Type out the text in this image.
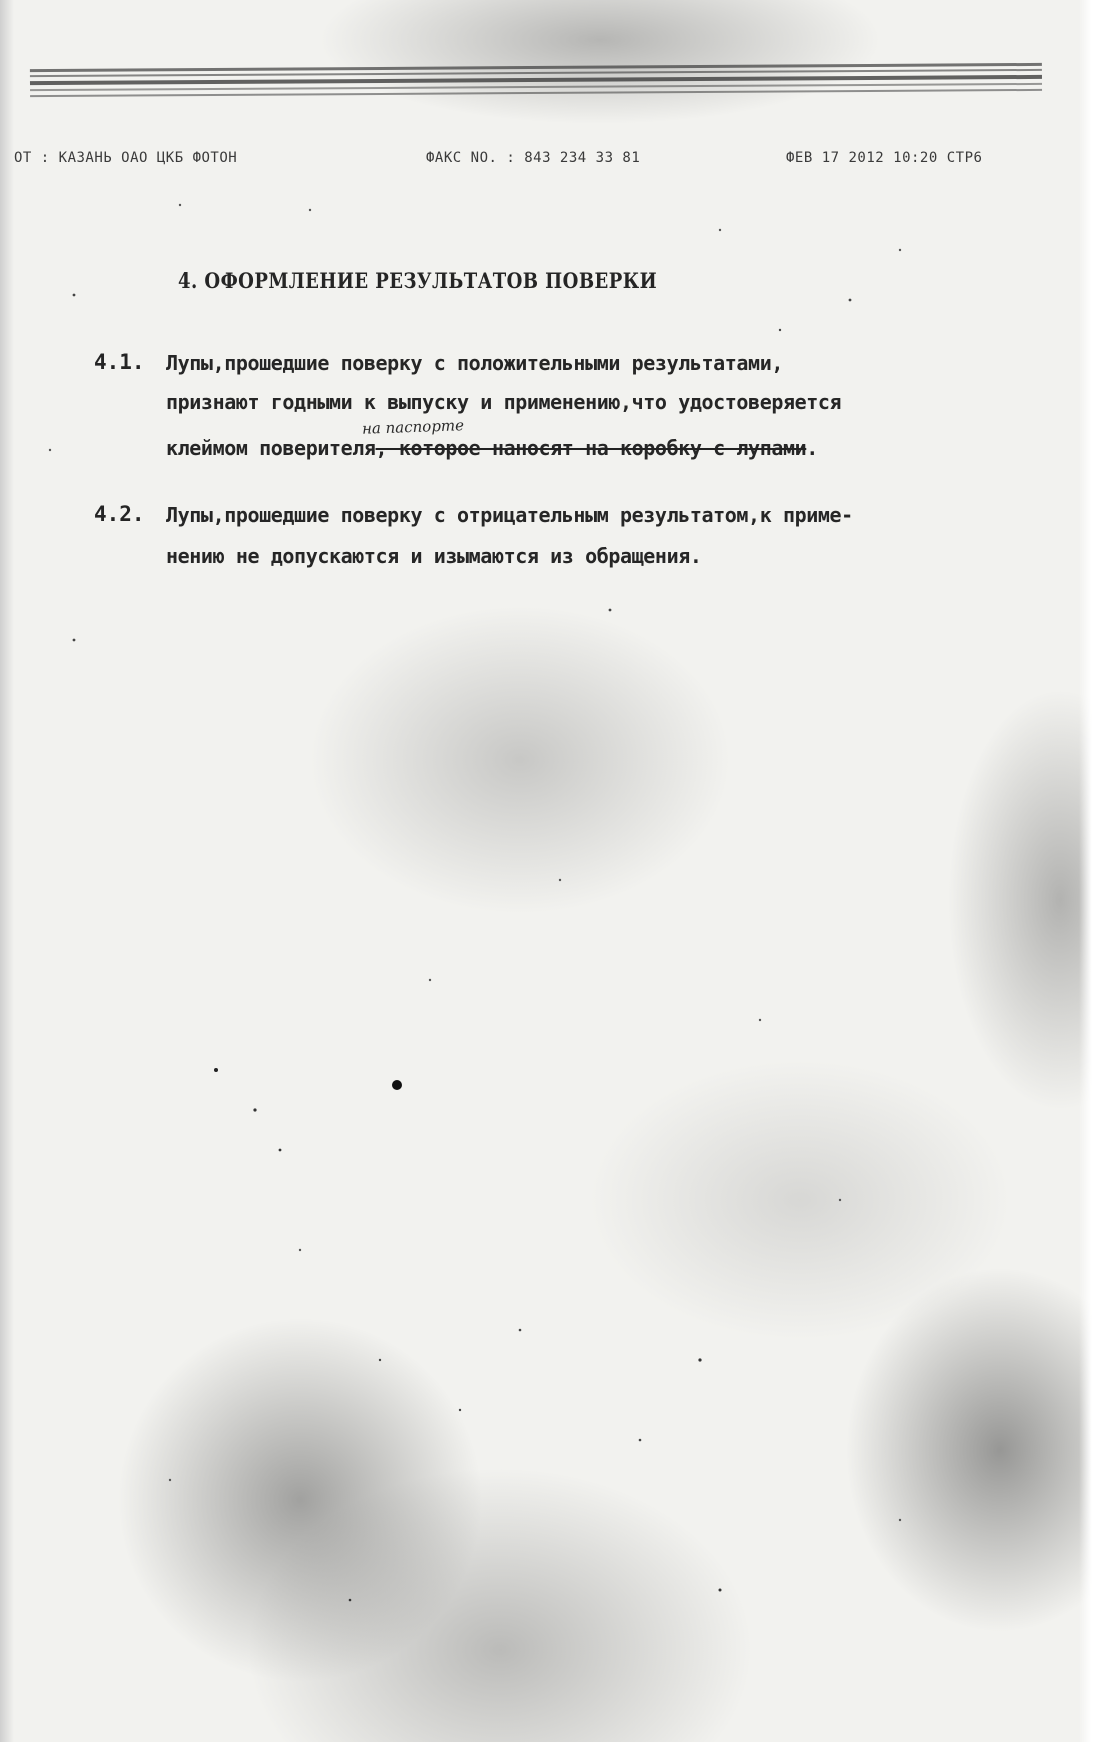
ОТ : КАЗАНЬ ОАО ЦКБ ФОТОН	ФАКС NO. : 843 234 33 81	ФЕВ 17 2012 10:20 СТР6
4. ОФОРМЛЕНИЕ РЕЗУЛЬТАТОВ ПОВЕРКИ
4.1. Лупы,прошедшие поверку с положительными результатами,
признают годными к выпуску и применению,что удостоверяется
на паспорте
клеймом поверителя, которое наносят на коробку с лупами.
4.2. Лупы,прошедшие поверку с отрицательным результатом,к приме-
нению не допускаются и изымаются из обращения.
